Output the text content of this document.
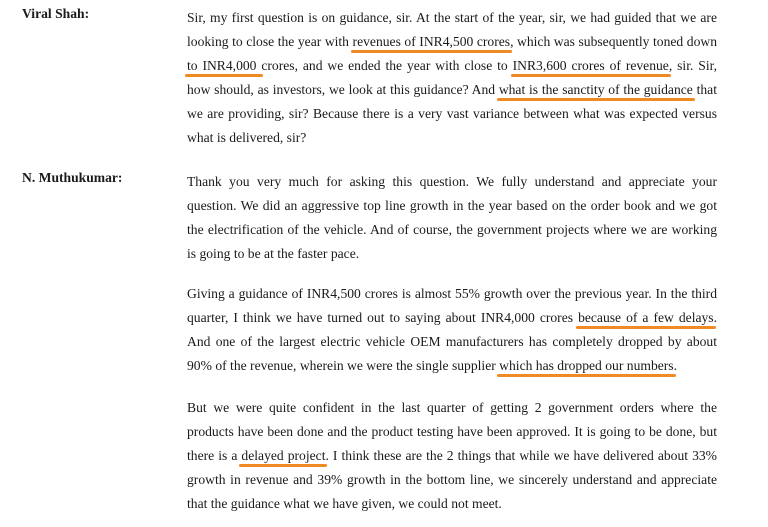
Viral Shah:	Sir, my first question is on guidance, sir. At the start of the year, sir, we had guided that we are looking to close the year with revenues of INR4,500 crores, which was subsequently toned down to INR4,000 crores, and we ended the year with close to INR3,600 crores of revenue, sir. Sir, how should, as investors, we look at this guidance? And what is the sanctity of the guidance that we are providing, sir? Because there is a very vast variance between what was expected versus what is delivered, sir?
N. Muthukumar:	Thank you very much for asking this question. We fully understand and appreciate your question. We did an aggressive top line growth in the year based on the order book and we got the electrification of the vehicle. And of course, the government projects where we are working is going to be at the faster pace.
Giving a guidance of INR4,500 crores is almost 55% growth over the previous year. In the third quarter, I think we have turned out to saying about INR4,000 crores because of a few delays. And one of the largest electric vehicle OEM manufacturers has completely dropped by about 90% of the revenue, wherein we were the single supplier which has dropped our numbers.
But we were quite confident in the last quarter of getting 2 government orders where the products have been done and the product testing have been approved. It is going to be done, but there is a delayed project. I think these are the 2 things that while we have delivered about 33% growth in revenue and 39% growth in the bottom line, we sincerely understand and appreciate that the guidance what we have given, we could not meet.
